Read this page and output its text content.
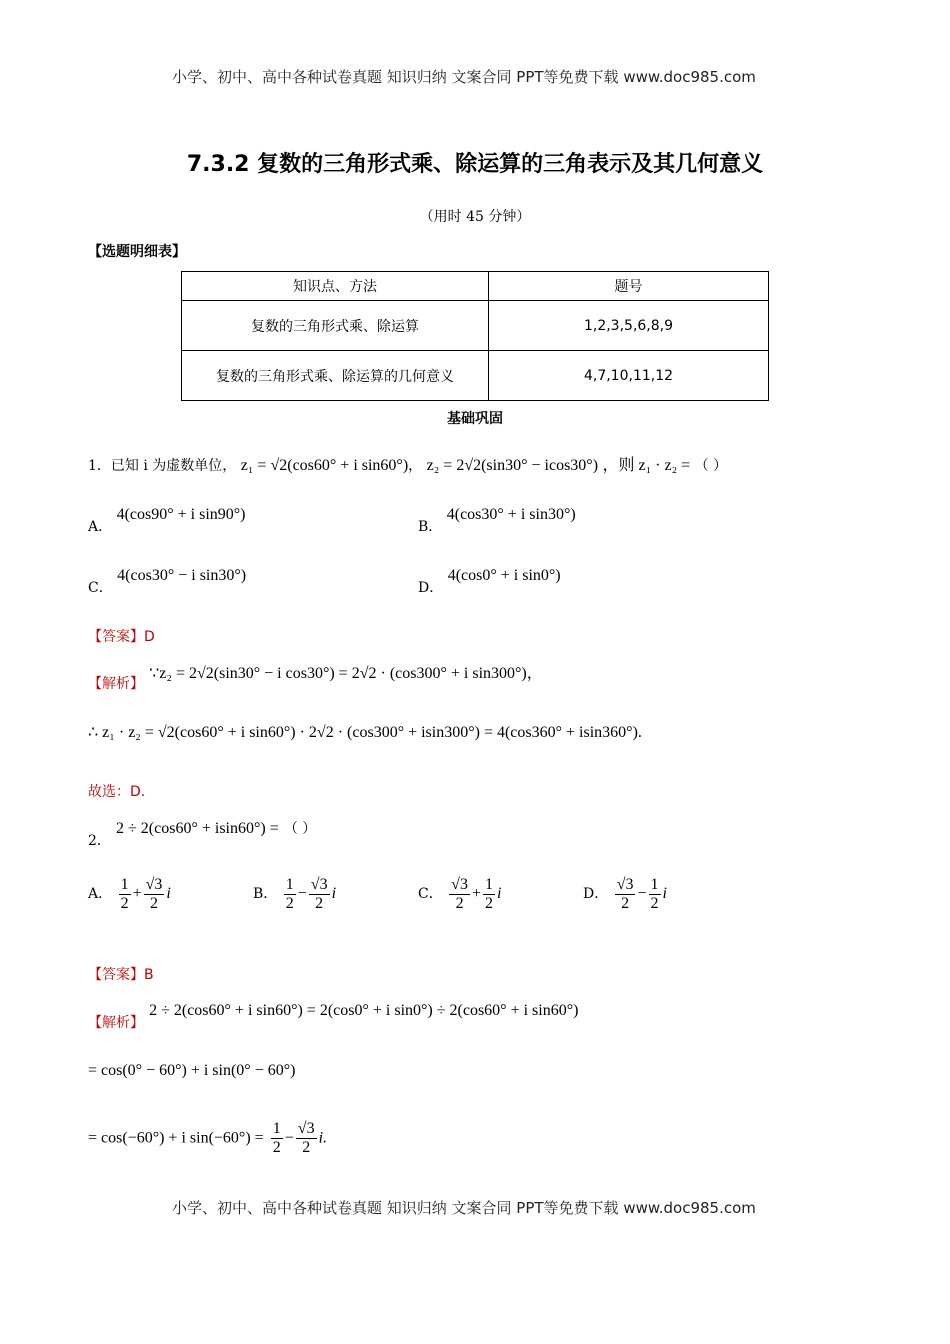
小学、初中、高中各种试卷真题 知识归纳 文案合同 PPT等免费下载 www.doc985.com
7.3.2 复数的三角形式乘、除运算的三角表示及其几何意义
（用时 45 分钟）
【选题明细表】
知识点、方法	题号
复数的三角形式乘、除运算	1,2,3,5,6,8,9
复数的三角形式乘、除运算的几何意义	4,7,10,11,12
基础巩固
1．已知 i 为虚数单位， z₁ = √2(cos60° + i sin60°)， z₂ = 2√2(sin30° − icos30°) ，则 z₁ · z₂ = （ ）
A． 4(cos90° + i sin90°)
B． 4(cos30° + i sin30°)
C． 4(cos30° − i sin30°)
D． 4(cos0° + i sin0°)
【答案】D
【解析】 ∵z₂ = 2√2(sin30° − i cos30°) = 2√2 · (cos300° + i sin300°)，
∴ z₁ · z₂ = √2(cos60° + i sin60°) · 2√2 · (cos300° + isin300°) = 4(cos360° + isin360°).
故选：D.
2． 2 ÷ 2(cos60° + isin60°) = （ ）
A． $\frac{1}{2} + \frac{√3}{2}$ i	B． $\frac{1}{2} - \frac{√3}{2}$ i	C． $\frac{√3}{2} + \frac{1}{2}$ i	D． $\frac{√3}{2} - \frac{1}{2}$ i
【答案】B
【解析】 2 ÷ 2(cos60° + i sin60°) = 2(cos0° + i sin0°) ÷ 2(cos60° + i sin60°)
= cos(0° − 60°) + i sin(0° − 60°)
= cos(−60°) + i $\sin(-60^\circ) = \frac{1}{2} - \frac{√3}{2} i$.
小学、初中、高中各种试卷真题 知识归纳 文案合同 PPT等免费下载 www.doc985.com
